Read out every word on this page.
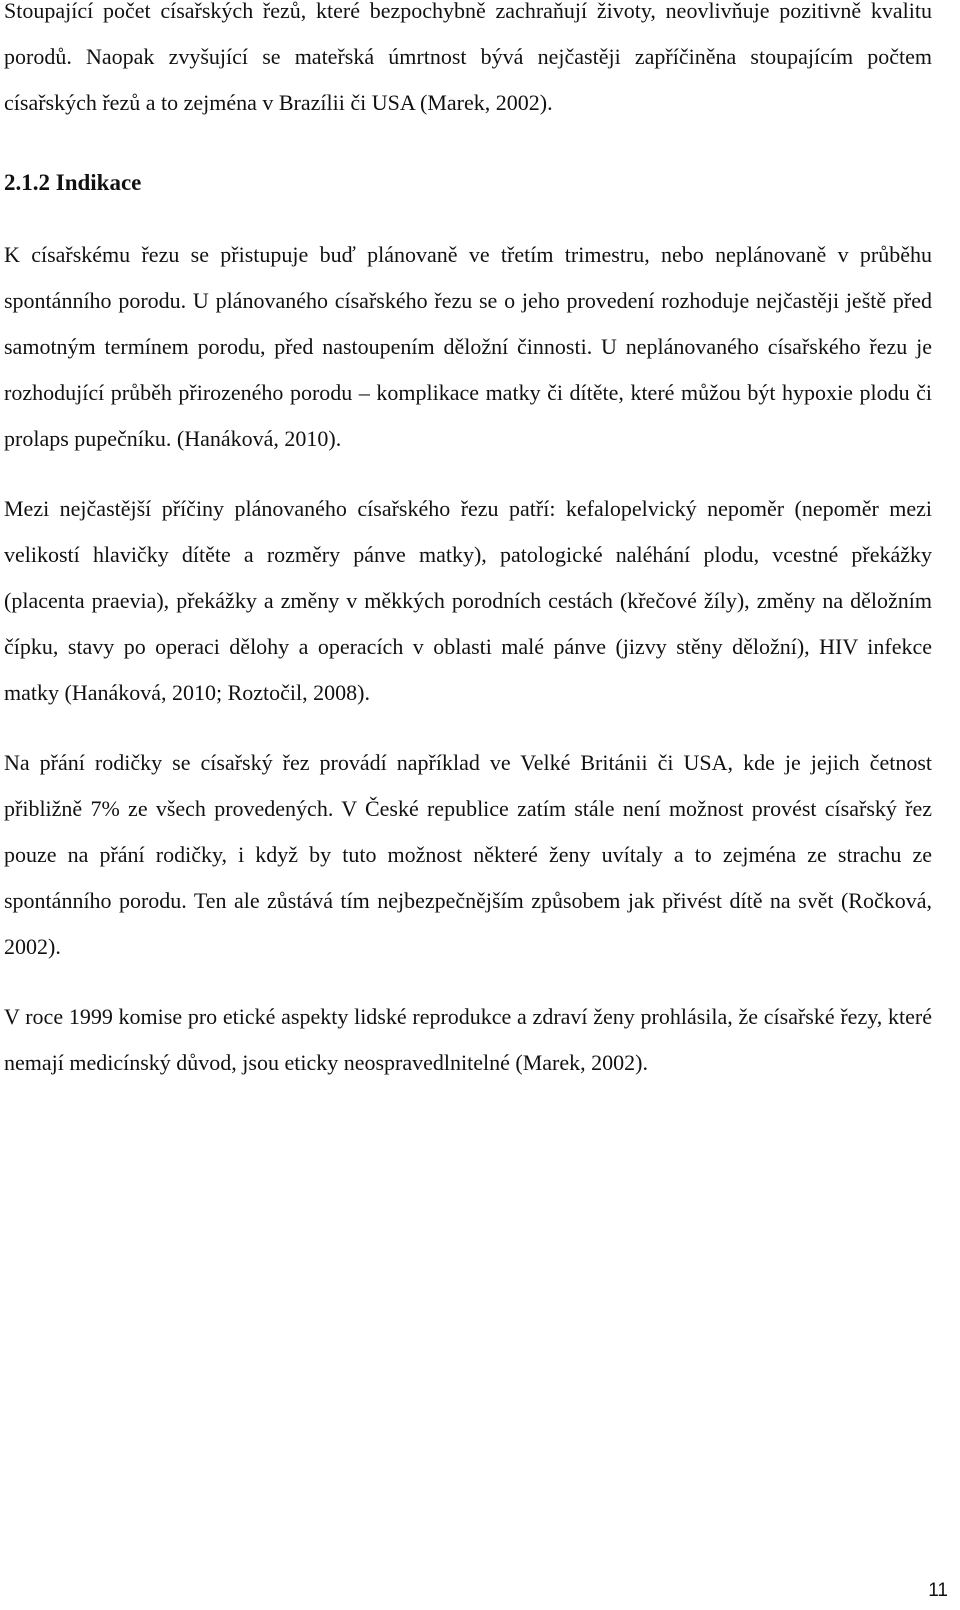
Stoupající počet císařských řezů, které bezpochybně zachraňují životy, neovlivňuje pozitivně kvalitu porodů. Naopak zvyšující se mateřská úmrtnost bývá nejčastěji zapříčiněna stoupajícím počtem císařských řezů a to zejména v Brazílii či USA (Marek, 2002).

2.1.2 Indikace

K císařskému řezu se přistupuje buď plánovaně ve třetím trimestru, nebo neplánovaně v průběhu spontánního porodu. U plánovaného císařského řezu se o jeho provedení rozhoduje nejčastěji ještě před samotným termínem porodu, před nastoupením děložní činnosti. U neplánovaného císařského řezu je rozhodující průběh přirozeného porodu – komplikace matky či dítěte, které můžou být hypoxie plodu či prolaps pupečníku. (Hanáková, 2010).

Mezi nejčastější příčiny plánovaného císařského řezu patří: kefalopelvický nepoměr (nepoměr mezi velikostí hlavičky dítěte a rozměry pánve matky), patologické naléhání plodu, vcestné překážky (placenta praevia), překážky a změny v měkkých porodních cestách (křečové žíly), změny na děložním čípku, stavy po operaci dělohy a operacích v oblasti malé pánve (jizvy stěny děložní), HIV infekce matky (Hanáková, 2010; Roztočil, 2008).

Na přání rodičky se císařský řez provádí například ve Velké Británii či USA, kde je jejich četnost přibližně 7% ze všech provedených. V České republice zatím stále není možnost provést císařský řez pouze na přání rodičky, i když by tuto možnost některé ženy uvítaly a to zejména ze strachu ze spontánního porodu. Ten ale zůstává tím nejbezpečnějším způsobem jak přivést dítě na svět (Ročková, 2002).

V roce 1999 komise pro etické aspekty lidské reprodukce a zdraví ženy prohlásila, že císařské řezy, které nemají medicínský důvod, jsou eticky neospravedlnitelné (Marek, 2002).

11
